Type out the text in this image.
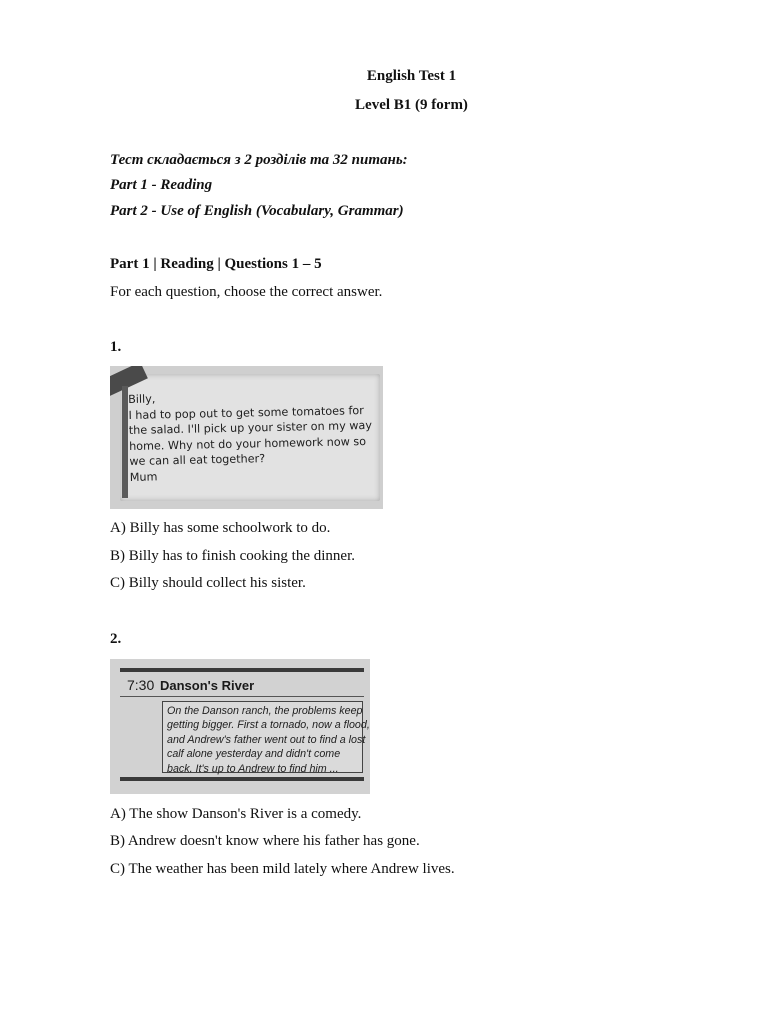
English Test 1
Level B1 (9 form)
Тест складається з 2 розділів та 32 питань:
Part 1 - Reading
Part 2 - Use of English (Vocabulary, Grammar)
Part 1 | Reading | Questions 1 – 5
For each question, choose the correct answer.
1.
Billy,
I had to pop out to get some tomatoes for
the salad. I'll pick up your sister on my way
home. Why not do your homework now so
we can all eat together?
Mum
A) Billy has some schoolwork to do.
B) Billy has to finish cooking the dinner.
C) Billy should collect his sister.
2.
7:30 Danson's River
On the Danson ranch, the problems keep
getting bigger. First a tornado, now a flood,
and Andrew's father went out to find a lost
calf alone yesterday and didn't come
back. It's up to Andrew to find him ...
A) The show Danson's River is a comedy.
B) Andrew doesn't know where his father has gone.
C) The weather has been mild lately where Andrew lives.
